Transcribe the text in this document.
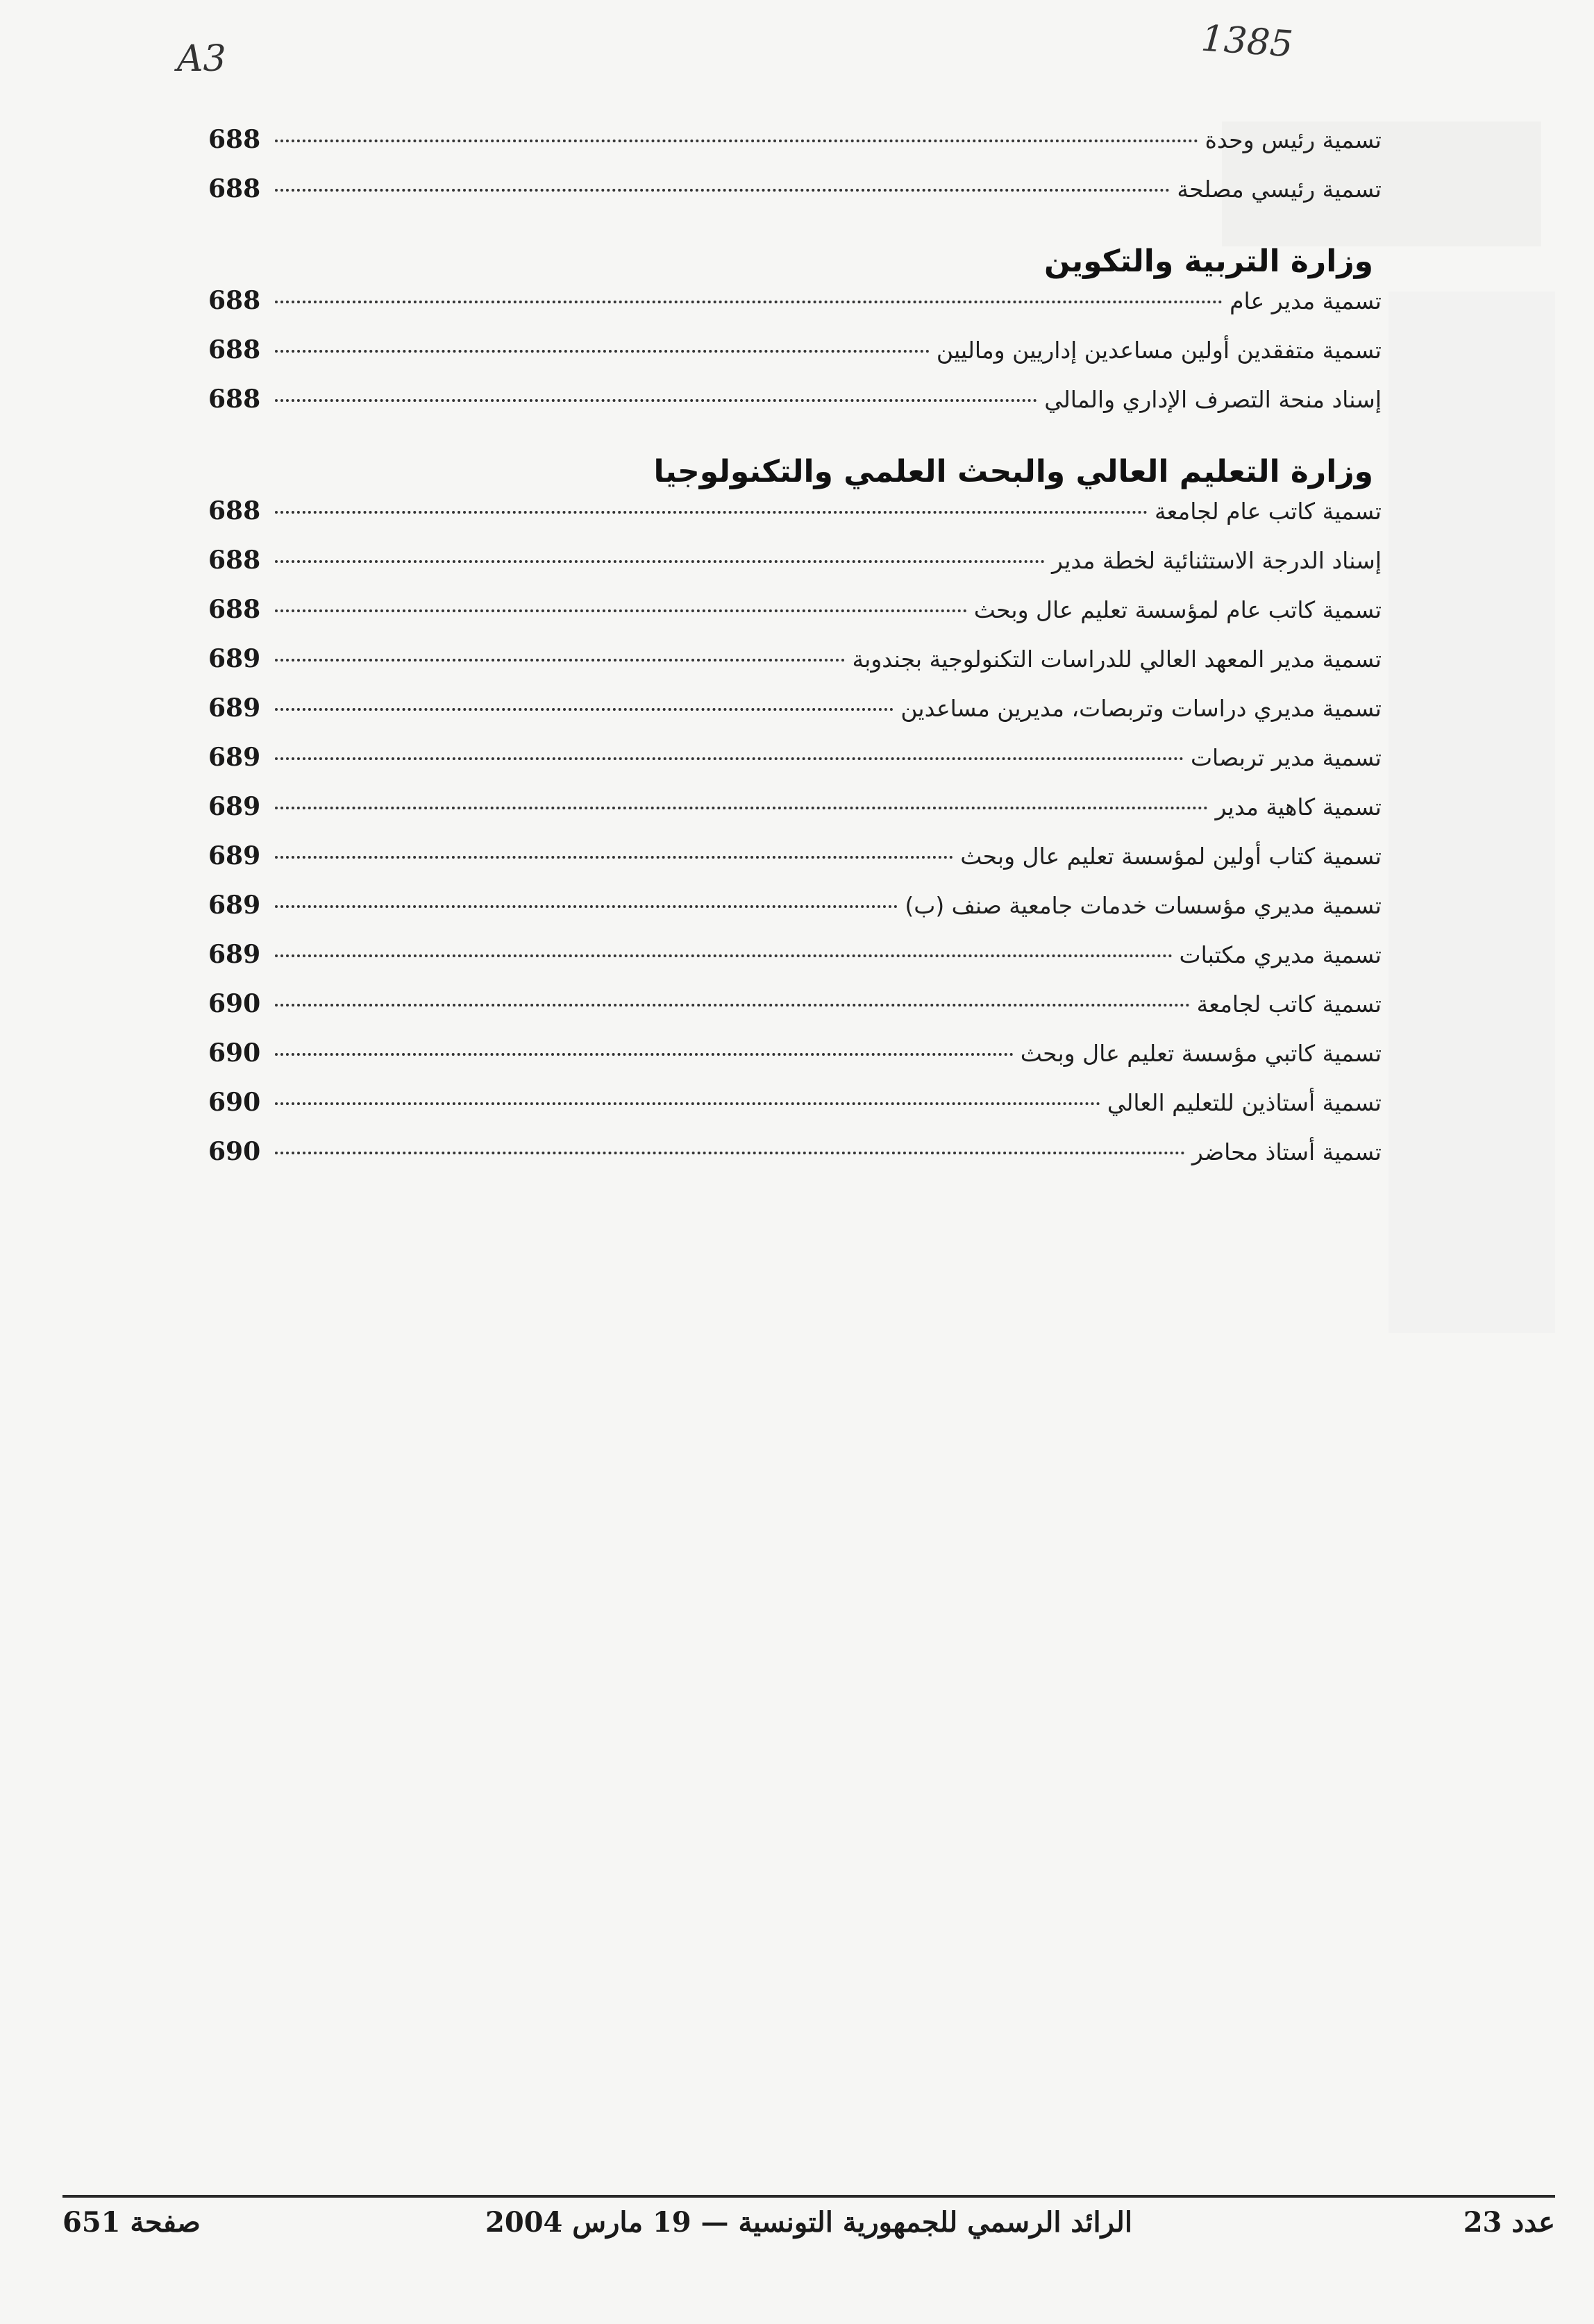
A3	1385
تسمية رئيس وحدة
688
تسمية رئيسي مصلحة
688
وزارة التربية والتكوين
تسمية مدير عام
688
تسمية متفقدين أولين مساعدين إداريين وماليين
688
إسناد منحة التصرف الإداري والمالي
688
وزارة التعليم العالي والبحث العلمي والتكنولوجيا
تسمية كاتب عام لجامعة
688
إسناد الدرجة الاستثنائية لخطة مدير
688
تسمية كاتب عام لمؤسسة تعليم عال وبحث
688
تسمية مدير المعهد العالي للدراسات التكنولوجية بجندوبة
689
تسمية مديري دراسات وتربصات، مديرين مساعدين
689
تسمية مدير تربصات
689
تسمية كاهية مدير
689
تسمية كتاب أولين لمؤسسة تعليم عال وبحث
689
تسمية مديري مؤسسات خدمات جامعية صنف (ب)
689
تسمية مديري مكتبات
689
تسمية كاتب لجامعة
690
تسمية كاتبي مؤسسة تعليم عال وبحث
690
تسمية أستاذين للتعليم العالي
690
تسمية أستاذ محاضر
690
عدد 23
الرائد الرسمي للجمهورية التونسية — 19 مارس 2004
صفحة 651
